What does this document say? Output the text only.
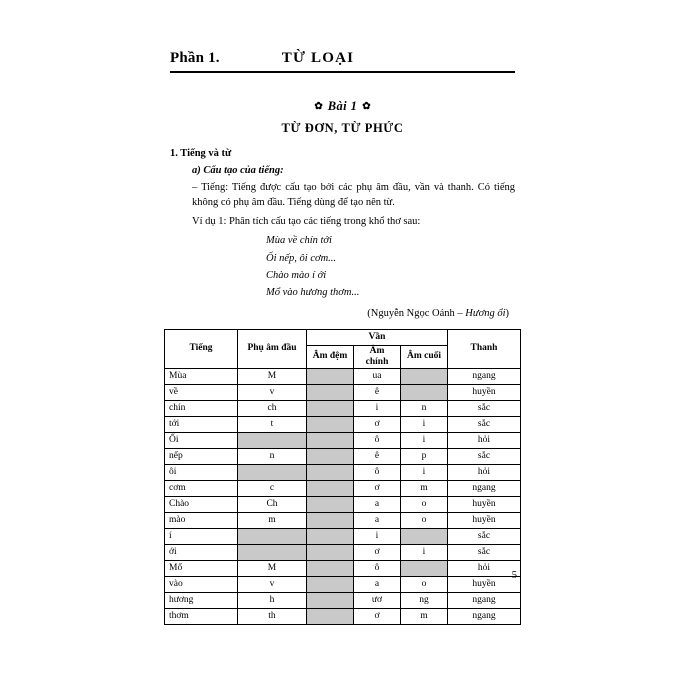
Phần 1.	TỪ LOẠI
✿ Bài 1 ✿
TỪ ĐƠN, TỪ PHỨC
1. Tiếng và từ
a) Cấu tạo của tiếng:
– Tiếng: Tiếng được cấu tạo bởi các phụ âm đầu, vần và thanh. Có tiếng không có phụ âm đầu. Tiếng dùng để tạo nên từ.
Ví dụ 1: Phân tích cấu tạo các tiếng trong khổ thơ sau:
Mùa về chín tới
Ối nếp, ôi cơm...
Chào mào í ới
Mổ vào hương thơm...
(Nguyễn Ngọc Oánh – Hương ổi)
Tiếng	Phụ âm đầu	Vần			Thanh
		Âm đệm	Âm chính	Âm cuối	
Mùa	M		ua		ngang
về	v		ê		huyền
chín	ch		i	n	sắc
tới	t		ơ	i	sắc
Ối			ô	i	hỏi
nếp	n		ê	p	sắc
ôi			ô	i	hỏi
cơm	c		ơ	m	ngang
Chào	Ch		a	o	huyền
mào	m		a	o	huyền
í			i		sắc
ới			ơ	i	sắc
Mổ	M		ô		hỏi
vào	v		a	o	huyền
hương	h		ươ	ng	ngang
thơm	th		ơ	m	ngang
5
